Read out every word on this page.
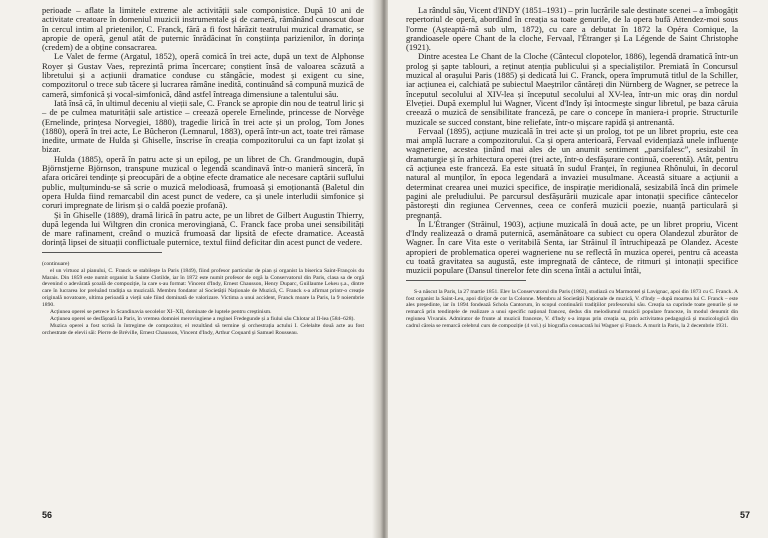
perioade – aflate la limitele extreme ale activității sale componistice. După 10 ani de activitate creatoare în domeniul muzicii instrumentale și de cameră, rămânând cunoscut doar în cercul intim al prietenilor, C. Franck, fără a fi fost hărăzit teatrului muzical dramatic, se apropie de operă, genul atât de puternic înrădăcinat în conștiința parizienilor, în dorința (credem) de a obține consacrarea.

Le Valet de ferme (Argatul, 1852), operă comică în trei acte, după un text de Alphonse Royer și Gustav Vaes, reprezintă prima încercare; conștient însă de valoarea scăzută a libretului și a acțiunii dramatice conduse cu stângăcie, modest și exigent cu sine, compozitorul o trece sub tăcere și lucrarea rămâne inedită, continuând să compună muzică de cameră, simfonică și vocal-simfonică, dând astfel întreaga dimensiune a talentului său.

Iată însă că, în ultimul deceniu al vieții sale, C. Franck se apropie din nou de teatrul liric și – de pe culmea maturității sale artistice – creează operele Ernelinde, princesse de Norvège (Ernelinde, prințesa Norvegiei, 1880), tragedie lirică în trei acte și un prolog, Tom Jones (1880), operă în trei acte, Le Bûcheron (Lemnarul, 1883), operă într-un act, toate trei rămase inedite, urmate de Hulda și Ghiselle, înscrise în creația compozitorului ca un fapt izolat și bizar.

Hulda (1885), operă în patru acte și un epilog, pe un libret de Ch. Grandmougin, după Björnstjerne Björnson, transpune muzical o legendă scandinavă într-o manieră sinceră, în afara oricărei tendințe și preocupări de a obține efecte dramatice ale necesare captării suflului public, mulțumindu-se să scrie o muzică melodioasă, frumoasă și emoționantă (Baletul din opera Hulda fiind remarcabil din acest punct de vedere, ca și unele interludii simfonice și coruri impregnate de lirism și o caldă poezie profană).

Și în Ghiselle (1889), dramă lirică în patru acte, pe un libret de Gilbert Augustin Thierry, după legenda lui Wiltgren din cronica merovingiană, C. Franck face proba unei sensibilități de mare rafinament, creând o muzică frumoasă dar lipsită de efecte dramatice. Această dorință lipsei de situații conflictuale puternice, textul fiind deficitar din acest punct de vedere.

(continuare)

el un virtuoz al pianului, C. Franck se stabilește la Paris (1849), fiind profesor particular de pian și organist la biserica Saint-François du Marais. Din 1859 este numit organist la Sainte Clotilde, iar în 1872 este numit profesor de orgă la Conservatorul din Paris, clasa sa de orgă devenind o adevărată școală de compoziție, la care s-au format: Vincent d'Indy, Ernest Chausson, Henry Duparc, Guillaume Lekeu ș.a., dintre care în lucrarea lor preluând tradiția sa muzicală. Membru fondator al Societății Naționale de Muzică, C. Franck s-a afirmat printr-o creație originală novatoare, ultima perioadă a vieții sale fiind dominată de valorizare. Victima a unui accident, Franck moare la Paris, la 9 noiembrie 1890.

Acțiunea operei se petrece în Scandinavia secolelor XI–XII, dominate de luptele pentru creștinism.

Acțiunea operei se desfășoară la Paris, în vremea domniei merovingiene a reginei Fredegunde și a fiului său Chlotar al II-lea (584–628).

Muzica operei a fost scrisă în întregime de compozitor, el rezultând să termine și orchestrația actului I. Celelalte două acte au fost orchestrate de elevii săi: Pierre de Bréville, Ernest Chausson, Vincent d'Indy, Arthur Coquard și Samuel Rousseau.

56

La rândul său, Vicent d'INDY (1851–1931) – prin lucrările sale destinate scenei – a îmbogățit repertoriul de operă, abordând în creația sa toate genurile, de la opera bufă Attendez-moi sous l'orme (Așteaptă-mă sub ulm, 1872), cu care a debutat în 1872 la Opéra Comique, la grandioasele opere Chant de la cloche, Fervaal, l'Étranger și La Légende de Saint Christophe (1921).

Dintre acestea Le Chant de la Cloche (Cântecul clopotelor, 1886), legendă dramatică într-un prolog și șapte tablouri, a reținut atenția publicului și a specialiștilor. Premiată în Concursul muzical al orașului Paris (1885) și dedicată lui C. Franck, opera împrumută titlul de la Schiller, iar acțiunea ei, calchiată pe subiectul Maeștrilor cântăreți din Nürnberg de Wagner, se petrece la începutul secolului al XIV-lea și începutul secolului al XV-lea, într-un mic oraș din nordul Elveției. După exemplul lui Wagner, Vicent d'Indy își întocmește singur libretul, pe baza căruia creează o muzică de sensibilitate franceză, pe care o concepe în maniera-i proprie. Structurile muzicale se succed constant, bine reliefate, într-o mișcare rapidă și antrenantă.

Fervaal (1895), acțiune muzicală în trei acte și un prolog, tot pe un libret propriu, este cea mai amplă lucrare a compozitorului. Ca și opera anterioară, Fervaal evidențiază unele influențe wagneriene, acestea ținând mai ales de un anumit sentiment „parsifalesc”, sesizabil în dramaturgie și în arhitectura operei (trei acte, într-o desfășurare continuă, coerentă). Atât, pentru că acțiunea este franceză. Ea este situată în sudul Franței, în regiunea Rhônului, în decorul natural al munților, în epoca legendară a invaziei musulmane. Această situare a acțiunii a determinat crearea unei muzici specifice, de inspirație meridională, sesizabilă încă din primele pagini ale preludiului. Pe parcursul desfășurării muzicale apar intonații specifice cântecelor păstorești din regiunea Cervennes, ceea ce conferă muzicii poezie, nuanță particulară și pregnanță.

În L'Étranger (Străinul, 1903), acțiune muzicală în două acte, pe un libret propriu, Vicent d'Indy realizează o dramă puternică, asemănătoare ca subiect cu opera Olandezul zburător de Wagner. În care Vita este o veritabilă Senta, iar Străinul îl întruchipează pe Olandez. Aceste apropieri de problematica operei wagneriene nu se reflectă în muzica operei, pentru că aceasta cu toată gravitatea sa augustă, este impregnată de cântece, de ritmuri și intonații specifice muzicii populare (Dansul tinerelor fete din scena întâi a actului întâi,

S-a născut la Paris, la 27 martie 1851. Elev la Conservatorul din Paris (1862), studiază cu Marmontel și Lavignac, apoi din 1873 cu C. Franck. A fost organist la Saint-Leu, apoi dirijor de cor la Colonne. Membru al Societății Naționale de muzică, V. d'Indy – după moartea lui C. Franck – este ales președinte, iar în 1894 fondează Schola Cantorum, în scopul continuării tradițiilor profesorului său. Creația sa cuprinde toate genurile și se remarcă prin tendințele de realizare a unui specific național francez, dedus din melodiumul muzicii populare franceze, în modul denumit din regiunea Vivarais. Admirator de frunte al muzicii franceze, V. d'Indy s-a impus prin creația sa, prin activitatea pedagogică și muzicologică din cadrul căreia se remarcă celebrul curs de compoziție (4 vol.) și biografia consacrată lui Wagner și Franck. A murit la Paris, la 2 decembrie 1931.

57
